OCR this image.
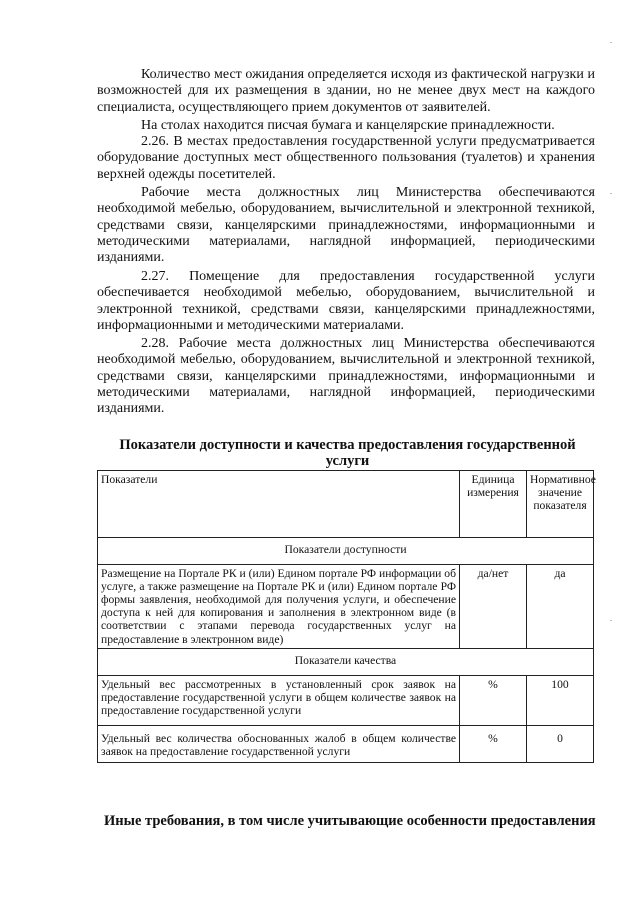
Количество мест ожидания определяется исходя из фактической нагрузки и возможностей для их размещения в здании, но не менее двух мест на каждого специалиста, осуществляющего прием документов от заявителей.

На столах находится писчая бумага и канцелярские принадлежности.

2.26. В местах предоставления государственной услуги предусматривается оборудование доступных мест общественного пользования (туалетов) и хранения верхней одежды посетителей.

Рабочие места должностных лиц Министерства обеспечиваются необходимой мебелью, оборудованием, вычислительной и электронной техникой, средствами связи, канцелярскими принадлежностями, информационными и методическими материалами, наглядной информацией, периодическими изданиями.

2.27. Помещение для предоставления государственной услуги обеспечивается необходимой мебелью, оборудованием, вычислительной и электронной техникой, средствами связи, канцелярскими принадлежностями, информационными и методическими материалами.

2.28. Рабочие места должностных лиц Министерства обеспечиваются необходимой мебелью, оборудованием, вычислительной и электронной техникой, средствами связи, канцелярскими принадлежностями, информационными и методическими материалами, наглядной информацией, периодическими изданиями.

Показатели доступности и качества предоставления государственной услуги

Показатели	Единица измерения	Нормативное значение показателя
Показатели доступности		
Размещение на Портале РК и (или) Едином портале РФ информации об услуге, а также размещение на Портале РК и (или) Едином портале РФ формы заявления, необходимой для получения услуги, и обеспечение доступа к ней для копирования и заполнения в электронном виде (в соответствии с этапами перевода государственных услуг на предоставление в электронном виде)	да/нет	да
Показатели качества		
Удельный вес рассмотренных в установленный срок заявок на предоставление государственной услуги в общем количестве заявок на предоставление государственной услуги	%	100
Удельный вес количества обоснованных жалоб в общем количестве заявок на предоставление государственной услуги	%	0

Иные требования, в том числе учитывающие особенности предоставления
